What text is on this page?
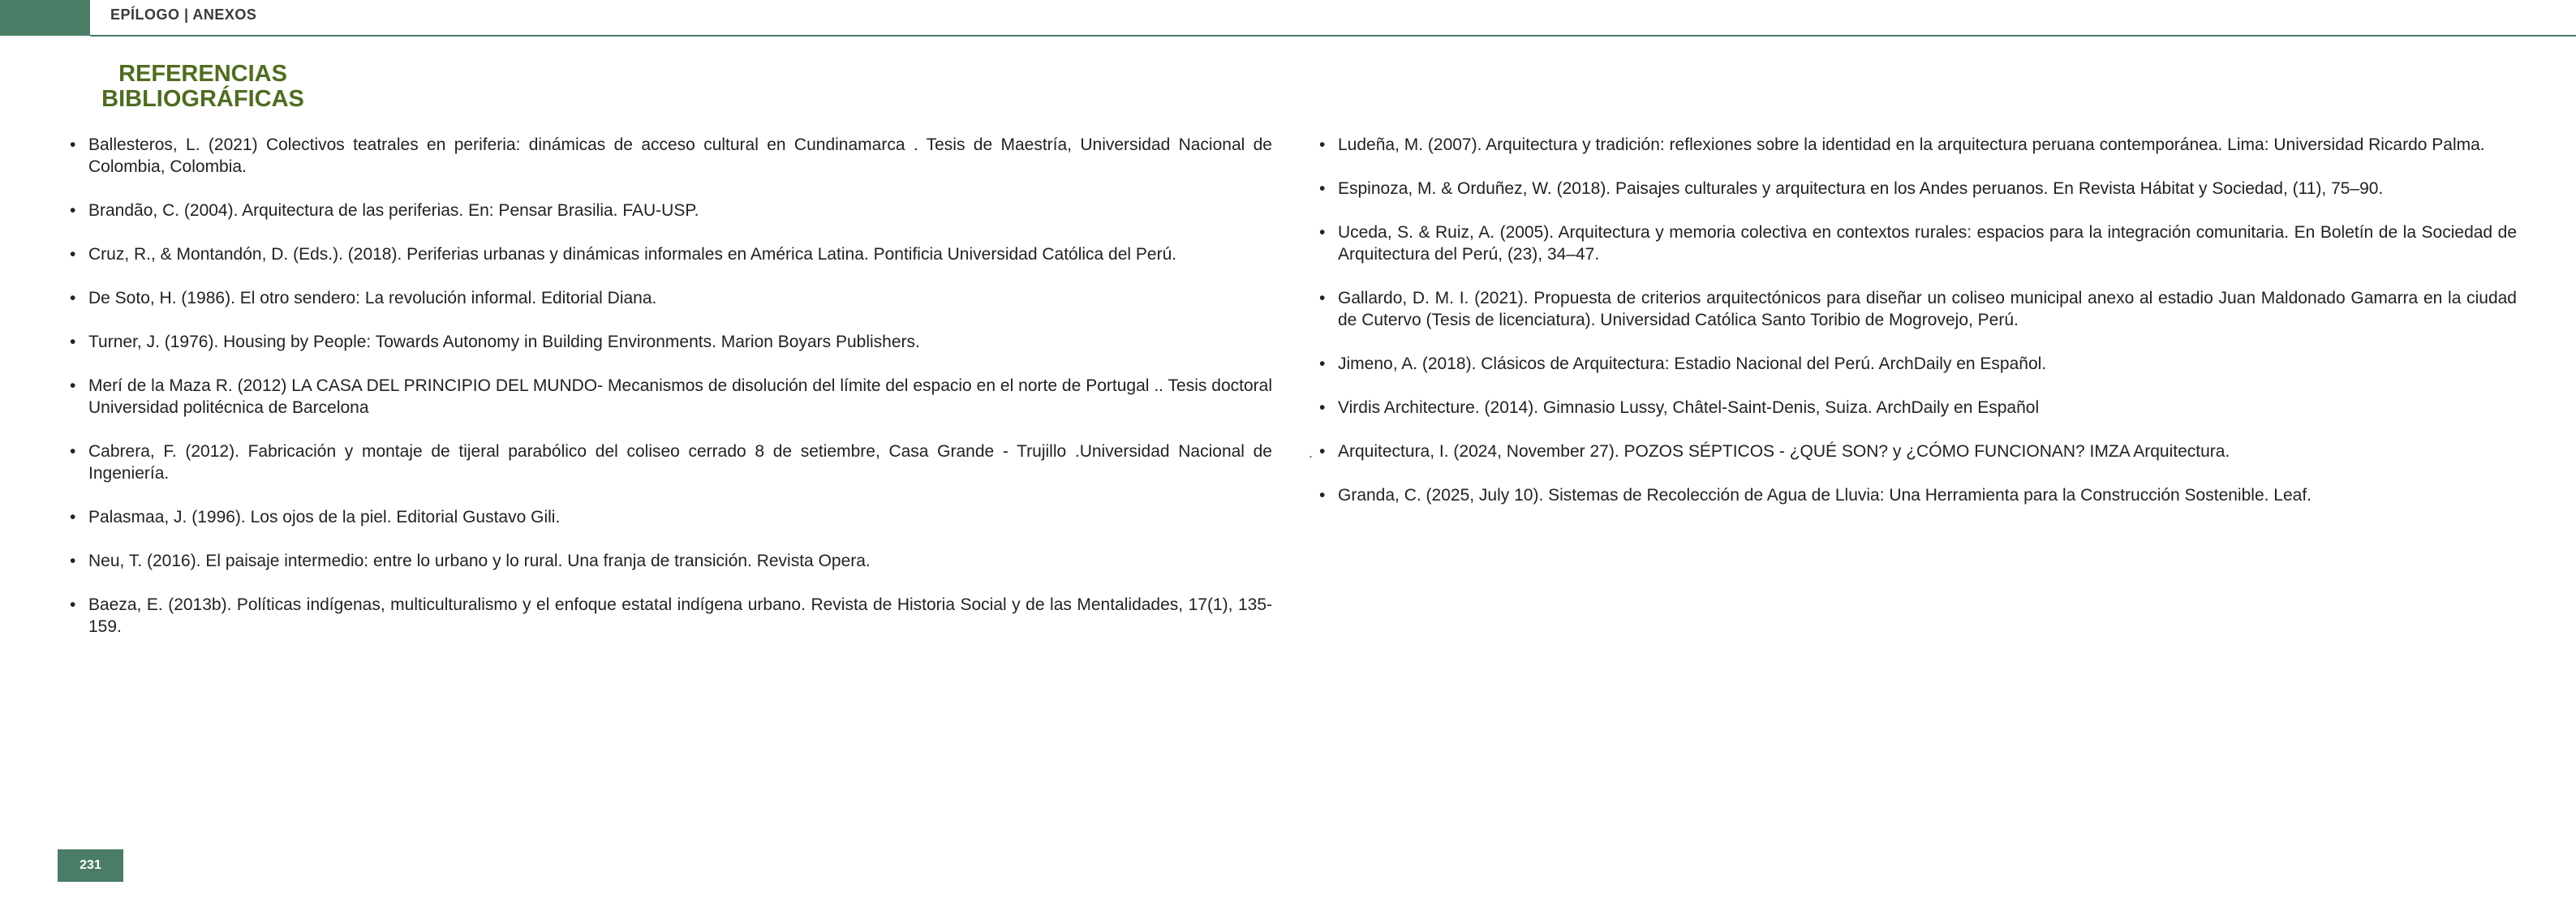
EPÍLOGO | ANEXOS
REFERENCIAS
BIBLIOGRÁFICAS
• Ballesteros, L. (2021) Colectivos teatrales en periferia: dinámicas de acceso cultural en Cundinamarca . Tesis de Maestría, Universidad Nacional de Colombia, Colombia.
• Brandão, C. (2004). Arquitectura de las periferias. En: Pensar Brasilia. FAU-USP.
• Cruz, R., & Montandón, D. (Eds.). (2018). Periferias urbanas y dinámicas informales en América Latina. Pontificia Universidad Católica del Perú.
• De Soto, H. (1986). El otro sendero: La revolución informal. Editorial Diana.
• Turner, J. (1976). Housing by People: Towards Autonomy in Building Environments. Marion Boyars Publishers.
• Merí de la Maza R. (2012) LA CASA DEL PRINCIPIO DEL MUNDO- Mecanismos de disolución del límite del espacio en el norte de Portugal .. Tesis doctoral Universidad politécnica de Barcelona
• Cabrera, F. (2012). Fabricación y montaje de tijeral parabólico del coliseo cerrado 8 de setiembre, Casa Grande - Trujillo .Universidad Nacional de Ingeniería.
• Palasmaa, J. (1996). Los ojos de la piel. Editorial Gustavo Gili.
• Neu, T. (2016). El paisaje intermedio: entre lo urbano y lo rural. Una franja de transición. Revista Opera.
• Baeza, E. (2013b). Políticas indígenas, multiculturalismo y el enfoque estatal indígena urbano. Revista de Historia Social y de las Mentalidades, 17(1), 135-159.
.
• Ludeña, M. (2007). Arquitectura y tradición: reflexiones sobre la identidad en la arquitectura peruana contemporánea. Lima: Universidad Ricardo Palma.
• Espinoza, M. & Orduñez, W. (2018). Paisajes culturales y arquitectura en los Andes peruanos. En Revista Hábitat y Sociedad, (11), 75–90.
• Uceda, S. & Ruiz, A. (2005). Arquitectura y memoria colectiva en contextos rurales: espacios para la integración comunitaria. En Boletín de la Sociedad de Arquitectura del Perú, (23), 34–47.
• Gallardo, D. M. I. (2021). Propuesta de criterios arquitectónicos para diseñar un coliseo municipal anexo al estadio Juan Maldonado Gamarra en la ciudad de Cutervo (Tesis de licenciatura). Universidad Católica Santo Toribio de Mogrovejo, Perú.
• Jimeno, A. (2018). Clásicos de Arquitectura: Estadio Nacional del Perú. ArchDaily en Español.
• Virdis Architecture. (2014). Gimnasio Lussy, Châtel-Saint-Denis, Suiza. ArchDaily en Español
• Arquitectura, I. (2024, November 27). POZOS SÉPTICOS - ¿QUÉ SON? y ¿CÓMO FUNCIONAN? IMZA Arquitectura.
• Granda, C. (2025, July 10). Sistemas de Recolección de Agua de Lluvia: Una Herramienta para la Construcción Sostenible. Leaf.
231
